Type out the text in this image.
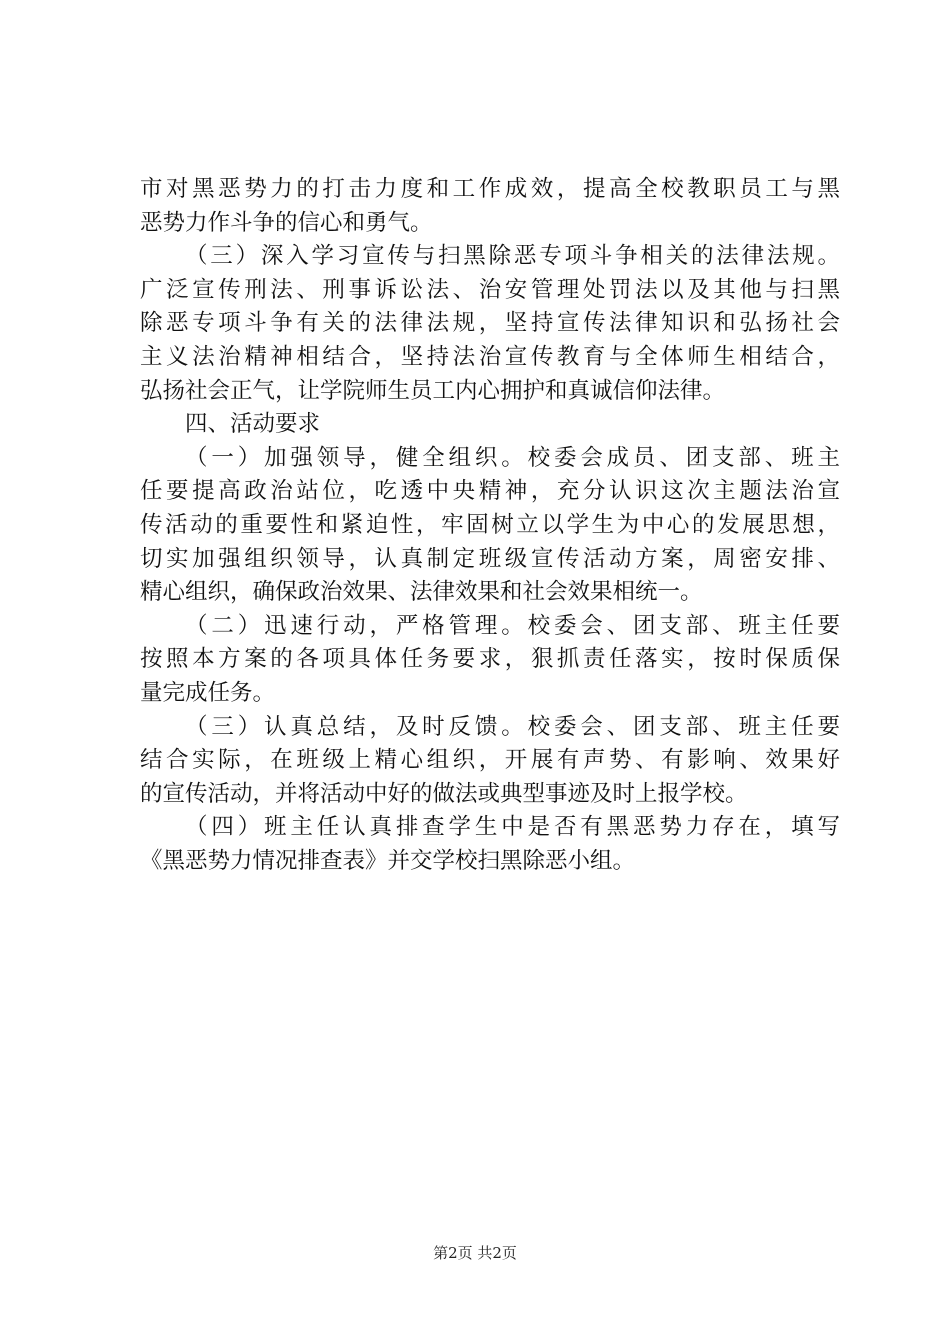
市对黑恶势力的打击力度和工作成效，提高全校教职员工与黑
恶势力作斗争的信心和勇气。
（三）深入学习宣传与扫黑除恶专项斗争相关的法律法规。
广泛宣传刑法、刑事诉讼法、治安管理处罚法以及其他与扫黑
除恶专项斗争有关的法律法规，坚持宣传法律知识和弘扬社会
主义法治精神相结合，坚持法治宣传教育与全体师生相结合，
弘扬社会正气，让学院师生员工内心拥护和真诚信仰法律。
四、活动要求
（一）加强领导，健全组织。校委会成员、团支部、班主
任要提高政治站位，吃透中央精神，充分认识这次主题法治宣
传活动的重要性和紧迫性，牢固树立以学生为中心的发展思想，
切实加强组织领导，认真制定班级宣传活动方案，周密安排、
精心组织，确保政治效果、法律效果和社会效果相统一。
（二）迅速行动，严格管理。校委会、团支部、班主任要
按照本方案的各项具体任务要求，狠抓责任落实，按时保质保
量完成任务。
（三）认真总结，及时反馈。校委会、团支部、班主任要
结合实际，在班级上精心组织，开展有声势、有影响、效果好
的宣传活动，并将活动中好的做法或典型事迹及时上报学校。
（四）班主任认真排查学生中是否有黑恶势力存在，填写
《黑恶势力情况排查表》并交学校扫黑除恶小组。
第2页 共2页
